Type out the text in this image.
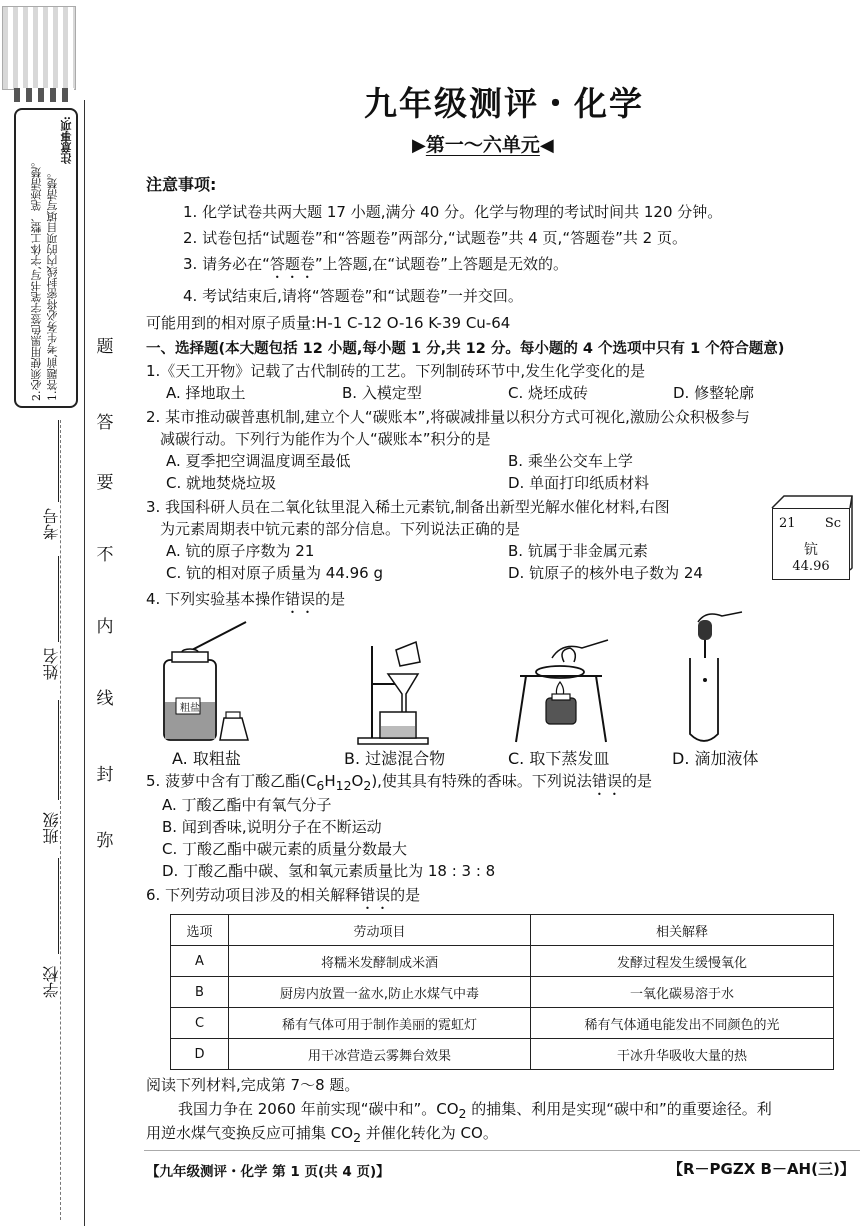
注意事项:
1.答题前,考生务必将密封线内的项目填写清楚。
2.必须使用黑色签字笔书写,字体工整、笔迹清楚。	题
答
要
不
内
线
封
弥
学校
班级
姓名
考号
九年级测评・化学
▶第一～六单元◀
注意事项:
1. 化学试卷共两大题 17 小题,满分 40 分。化学与物理的考试时间共 120 分钟。
2. 试卷包括“试题卷”和“答题卷”两部分,“试题卷”共 4 页,“答题卷”共 2 页。
3. 请务必在“答题卷”上答题,在“试题卷”上答题是无效的。
4. 考试结束后,请将“答题卷”和“试题卷”一并交回。
可能用到的相对原子质量:H-1 C-12 O-16 K-39 Cu-64
一、选择题(本大题包括 12 小题,每小题 1 分,共 12 分。每小题的 4 个选项中只有 1 个符合题意)
1.《天工开物》记载了古代制砖的工艺。下列制砖环节中,发生化学变化的是
A. 择地取土	B. 入模定型	C. 烧坯成砖	D. 修整轮廓
2. 某市推动碳普惠机制,建立个人“碳账本”,将碳减排量以积分方式可视化,激励公众积极参与
减碳行动。下列行为能作为个人“碳账本”积分的是
A. 夏季把空调温度调至最低	B. 乘坐公交车上学
C. 就地焚烧垃圾	D. 单面打印纸质材料
3. 我国科研人员在二氧化钛里混入稀土元素钪,制备出新型光解水催化材料,右图
为元素周期表中钪元素的部分信息。下列说法正确的是
A. 钪的原子序数为 21	B. 钪属于非金属元素
C. 钪的相对原子质量为 44.96 g	D. 钪原子的核外电子数为 24
21 Sc
钪
44.96
4. 下列实验基本操作错误的是
粗盐
A. 取粗盐	B. 过滤混合物	C. 取下蒸发皿	D. 滴加液体
5. 菠萝中含有丁酸乙酯$(C_6H_{12}O_2)$,使其具有特殊的香味。下列说法错误的是
A. 丁酸乙酯中有氧气分子
B. 闻到香味,说明分子在不断运动
C. 丁酸乙酯中碳元素的质量分数最大
D. 丁酸乙酯中碳、氢和氧元素质量比为 18 : 3 : 8
6. 下列劳动项目涉及的相关解释错误的是
选项	劳动项目	相关解释
A	将糯米发酵制成米酒	发酵过程发生缓慢氧化
B	厨房内放置一盆水,防止水煤气中毒	一氧化碳易溶于水
C	稀有气体可用于制作美丽的霓虹灯	稀有气体通电能发出不同颜色的光
D	用干冰营造云雾舞台效果	干冰升华吸收大量的热
阅读下列材料,完成第 7～8 题。
我国力争在 2060 年前实现“碳中和”。$CO_2$ 的捕集、利用是实现“碳中和”的重要途径。利
用逆水煤气变换反应可捕集 $CO_2$ 并催化转化为 CO。
【九年级测评・化学 第 1 页(共 4 页)】	【R－PGZX B－AH(三)】
